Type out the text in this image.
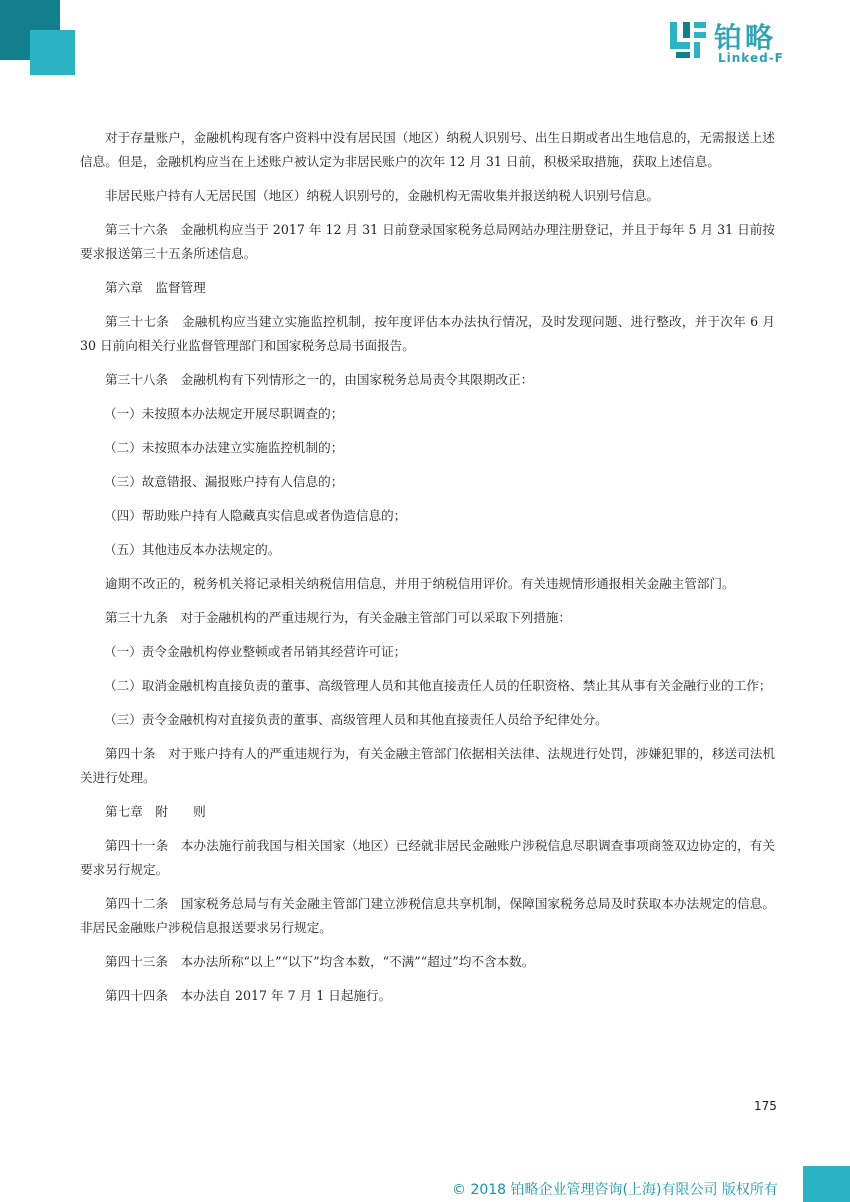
铂略
Linked-F

对于存量账户，金融机构现有客户资料中没有居民国（地区）纳税人识别号、出生日期或者出生地信息的，无需报送上述信息。但是，金融机构应当在上述账户被认定为非居民账户的次年 12 月 31 日前，积极采取措施，获取上述信息。

非居民账户持有人无居民国（地区）纳税人识别号的，金融机构无需收集并报送纳税人识别号信息。

第三十六条　金融机构应当于 2017 年 12 月 31 日前登录国家税务总局网站办理注册登记，并且于每年 5 月 31 日前按要求报送第三十五条所述信息。

第六章　监督管理

第三十七条　金融机构应当建立实施监控机制，按年度评估本办法执行情况，及时发现问题、进行整改，并于次年 6 月 30 日前向相关行业监督管理部门和国家税务总局书面报告。

第三十八条　金融机构有下列情形之一的，由国家税务总局责令其限期改正：

（一）未按照本办法规定开展尽职调查的；

（二）未按照本办法建立实施监控机制的；

（三）故意错报、漏报账户持有人信息的；

（四）帮助账户持有人隐藏真实信息或者伪造信息的；

（五）其他违反本办法规定的。

逾期不改正的，税务机关将记录相关纳税信用信息，并用于纳税信用评价。有关违规情形通报相关金融主管部门。

第三十九条　对于金融机构的严重违规行为，有关金融主管部门可以采取下列措施：

（一）责令金融机构停业整顿或者吊销其经营许可证；

（二）取消金融机构直接负责的董事、高级管理人员和其他直接责任人员的任职资格、禁止其从事有关金融行业的工作；

（三）责令金融机构对直接负责的董事、高级管理人员和其他直接责任人员给予纪律处分。

第四十条　对于账户持有人的严重违规行为，有关金融主管部门依据相关法律、法规进行处罚，涉嫌犯罪的，移送司法机关进行处理。

第七章　附　　则

第四十一条　本办法施行前我国与相关国家（地区）已经就非居民金融账户涉税信息尽职调查事项商签双边协定的，有关要求另行规定。

第四十二条　国家税务总局与有关金融主管部门建立涉税信息共享机制，保障国家税务总局及时获取本办法规定的信息。非居民金融账户涉税信息报送要求另行规定。

第四十三条　本办法所称“以上”“以下”均含本数，“不满”“超过”均不含本数。

第四十四条　本办法自 2017 年 7 月 1 日起施行。

175
© 2018 铂略企业管理咨询(上海)有限公司 版权所有
